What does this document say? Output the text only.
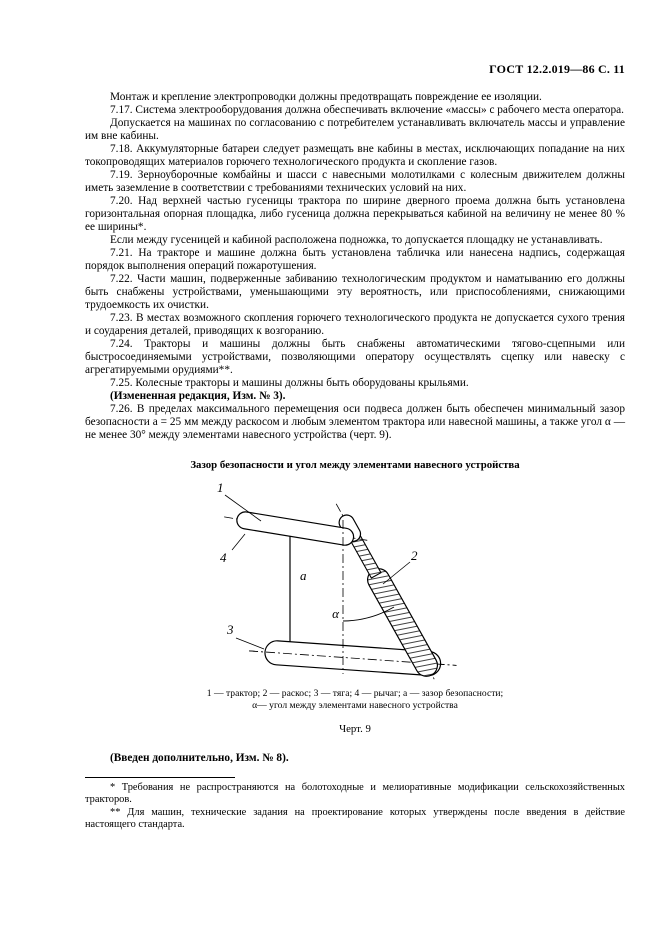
ГОСТ 12.2.019—86 С. 11

Монтаж и крепление электропроводки должны предотвращать повреждение ее изоляции.

7.17. Система электрооборудования должна обеспечивать включение «массы» с рабочего места оператора.

Допускается на машинах по согласованию с потребителем устанавливать включатель массы и управление им вне кабины.

7.18. Аккумуляторные батареи следует размещать вне кабины в местах, исключающих попадание на них токопроводящих материалов горючего технологического продукта и скопление газов.

7.19. Зерноуборочные комбайны и шасси с навесными молотилками с колесным движителем должны иметь заземление в соответствии с требованиями технических условий на них.

7.20. Над верхней частью гусеницы трактора по ширине дверного проема должна быть установлена горизонтальная опорная площадка, либо гусеница должна перекрываться кабиной на величину не менее 80 % ее ширины*.

Если между гусеницей и кабиной расположена подножка, то допускается площадку не устанавливать.

7.21. На тракторе и машине должна быть установлена табличка или нанесена надпись, содержащая порядок выполнения операций пожаротушения.

7.22. Части машин, подверженные забиванию технологическим продуктом и наматыванию его должны быть снабжены устройствами, уменьшающими эту вероятность, или приспособлениями, снижающими трудоемкость их очистки.

7.23. В местах возможного скопления горючего технологического продукта не допускается сухого трения и соударения деталей, приводящих к возгоранию.

7.24. Тракторы и машины должны быть снабжены автоматическими тягово-сцепными или быстросоединяемыми устройствами, позволяющими оператору осуществлять сцепку или навеску с агрегатируемыми орудиями**.

7.25. Колесные тракторы и машины должны быть оборудованы крыльями.

(Измененная редакция, Изм. № 3).

7.26. В пределах максимального перемещения оси подвеса должен быть обеспечен минимальный зазор безопасности а = 25 мм между раскосом и любым элементом трактора или навесной машины, а также угол α — не менее 30° между элементами навесного устройства (черт. 9).

Зазор безопасности и угол между элементами навесного устройства
1
4	2
3
a
α
1 — трактор; 2 — раскос; 3 — тяга; 4 — рычаг; а — зазор безопасности;
α— угол между элементами навесного устройства
Черт. 9

(Введен дополнительно, Изм. № 8).

* Требования не распространяются на болотоходные и мелиоративные модификации сельскохозяйственных тракторов.

** Для машин, технические задания на проектирование которых утверждены после введения в действие настоящего стандарта.
